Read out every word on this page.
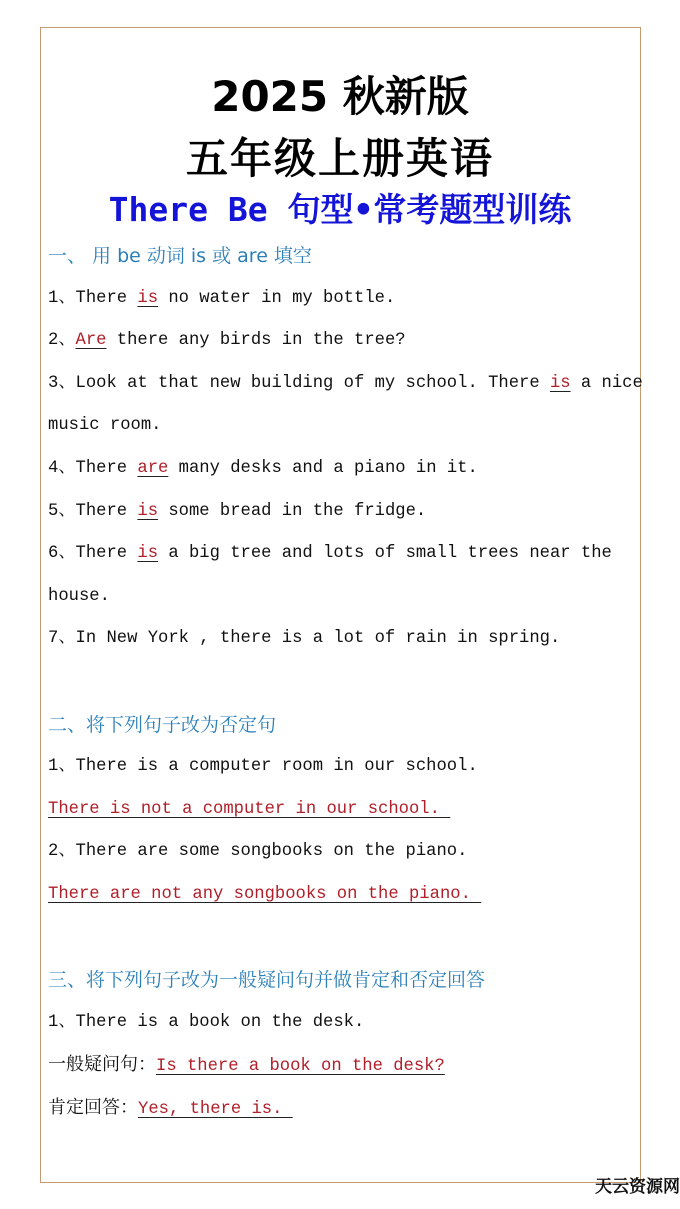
2025 秋新版
五年级上册英语
There Be 句型•常考题型训练
一、 用 be 动词 is 或 are 填空
1、There is no water in my bottle.
2、Are there any birds in the tree?
3、Look at that new building of my school. There is a nice
music room.
4、There are many desks and a piano in it.
5、There is some bread in the fridge.
6、There is a big tree and lots of small trees near the
house.
7、In New York , there is a lot of rain in spring.
二、将下列句子改为否定句
1、There is a computer room in our school.
There is not a computer in our school.
2、There are some songbooks on the piano.
There are not any songbooks on the piano.
三、将下列句子改为一般疑问句并做肯定和否定回答
1、There is a book on the desk.
一般疑问句：Is there a book on the desk?
肯定回答：Yes, there is.
天云资源网
